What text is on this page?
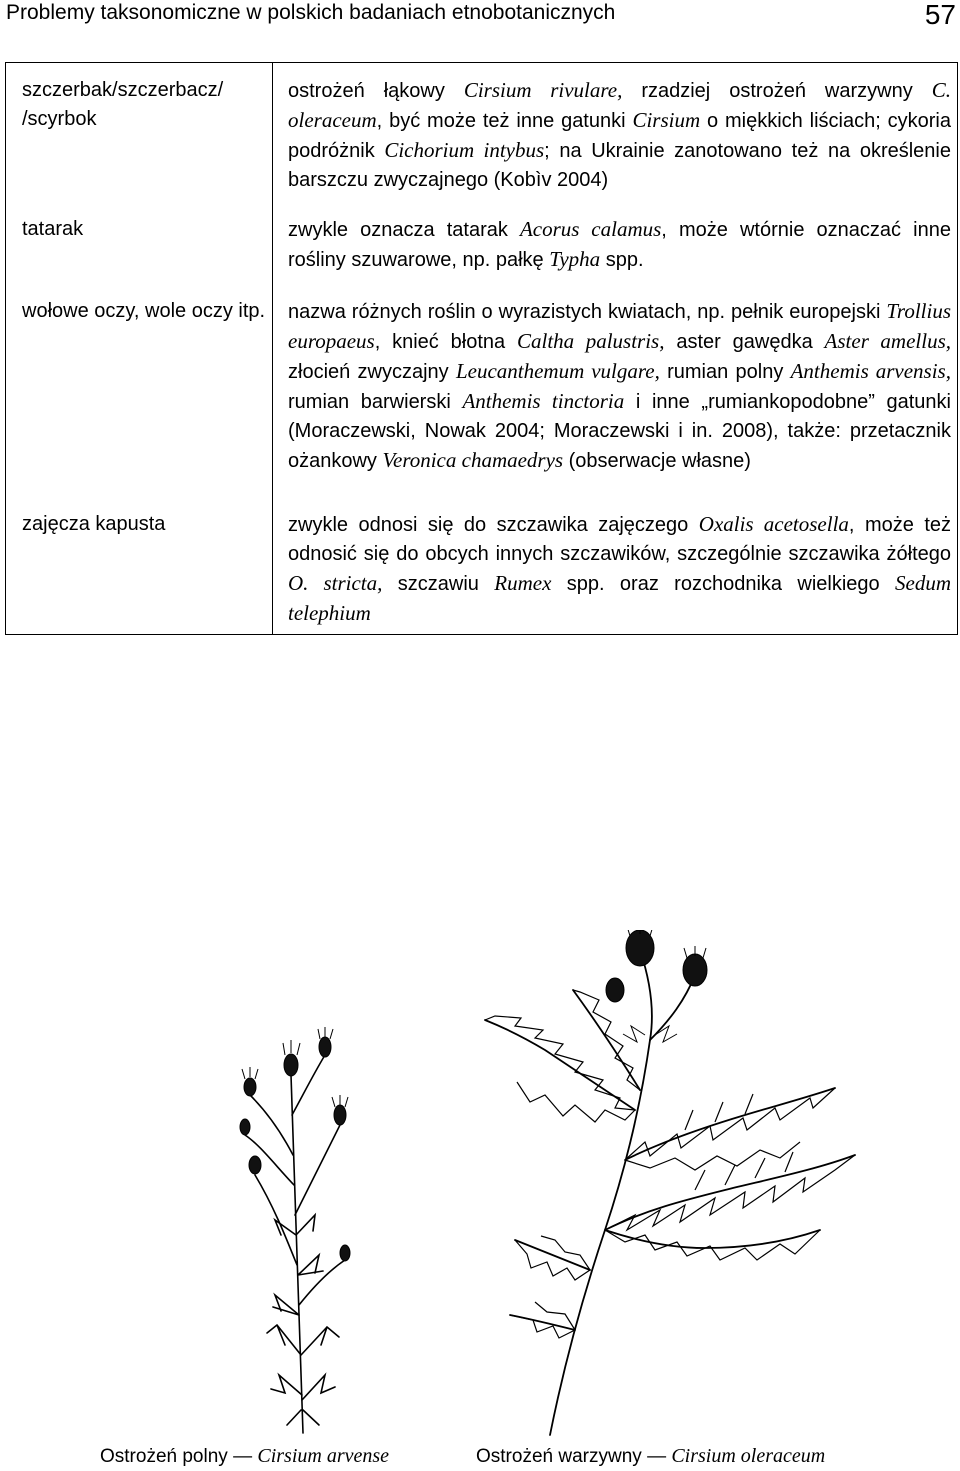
Problemy taksonomiczne w polskich badaniach etnobotanicznych	57
szczerbak/szczerbacz/ /scyrbok	ostrożeń łąkowy Cirsium rivulare, rzadziej ostrożeń warzywny C. oleraceum, być może też inne gatunki Cirsium o miękkich liściach; cykoria podróżnik Cichorium intybus; na Ukrainie zanotowano też na określenie barszczu zwyczajnego (Kobìv 2004)
tatarak	zwykle oznacza tatarak Acorus calamus, może wtórnie oznaczać inne rośliny szuwarowe, np. pałkę Typha spp.
wołowe oczy, wole oczy itp.	nazwa różnych roślin o wyrazistych kwiatach, np. pełnik europejski Trollius europaeus, knieć błotna Caltha palustris, aster gawędka Aster amellus, złocień zwyczajny Leucanthemum vulgare, rumian polny Anthemis arvensis, rumian barwierski Anthemis tinctoria i inne „rumiankopodobne” gatunki (Moraczewski, Nowak 2004; Moraczewski i in. 2008), także: przetacznik ożankowy Veronica chamaedrys (obserwacje własne)
zajęcza kapusta	zwykle odnosi się do szczawika zajęczego Oxalis acetosella, może też odnosić się do obcych innych szczawików, szczególnie szczawika żółtego O. stricta, szczawiu Rumex spp. oraz rozchodnika wielkiego Sedum telephium
Ostrożeń polny — Cirsium arvense	Ostrożeń warzywny — Cirsium oleraceum
